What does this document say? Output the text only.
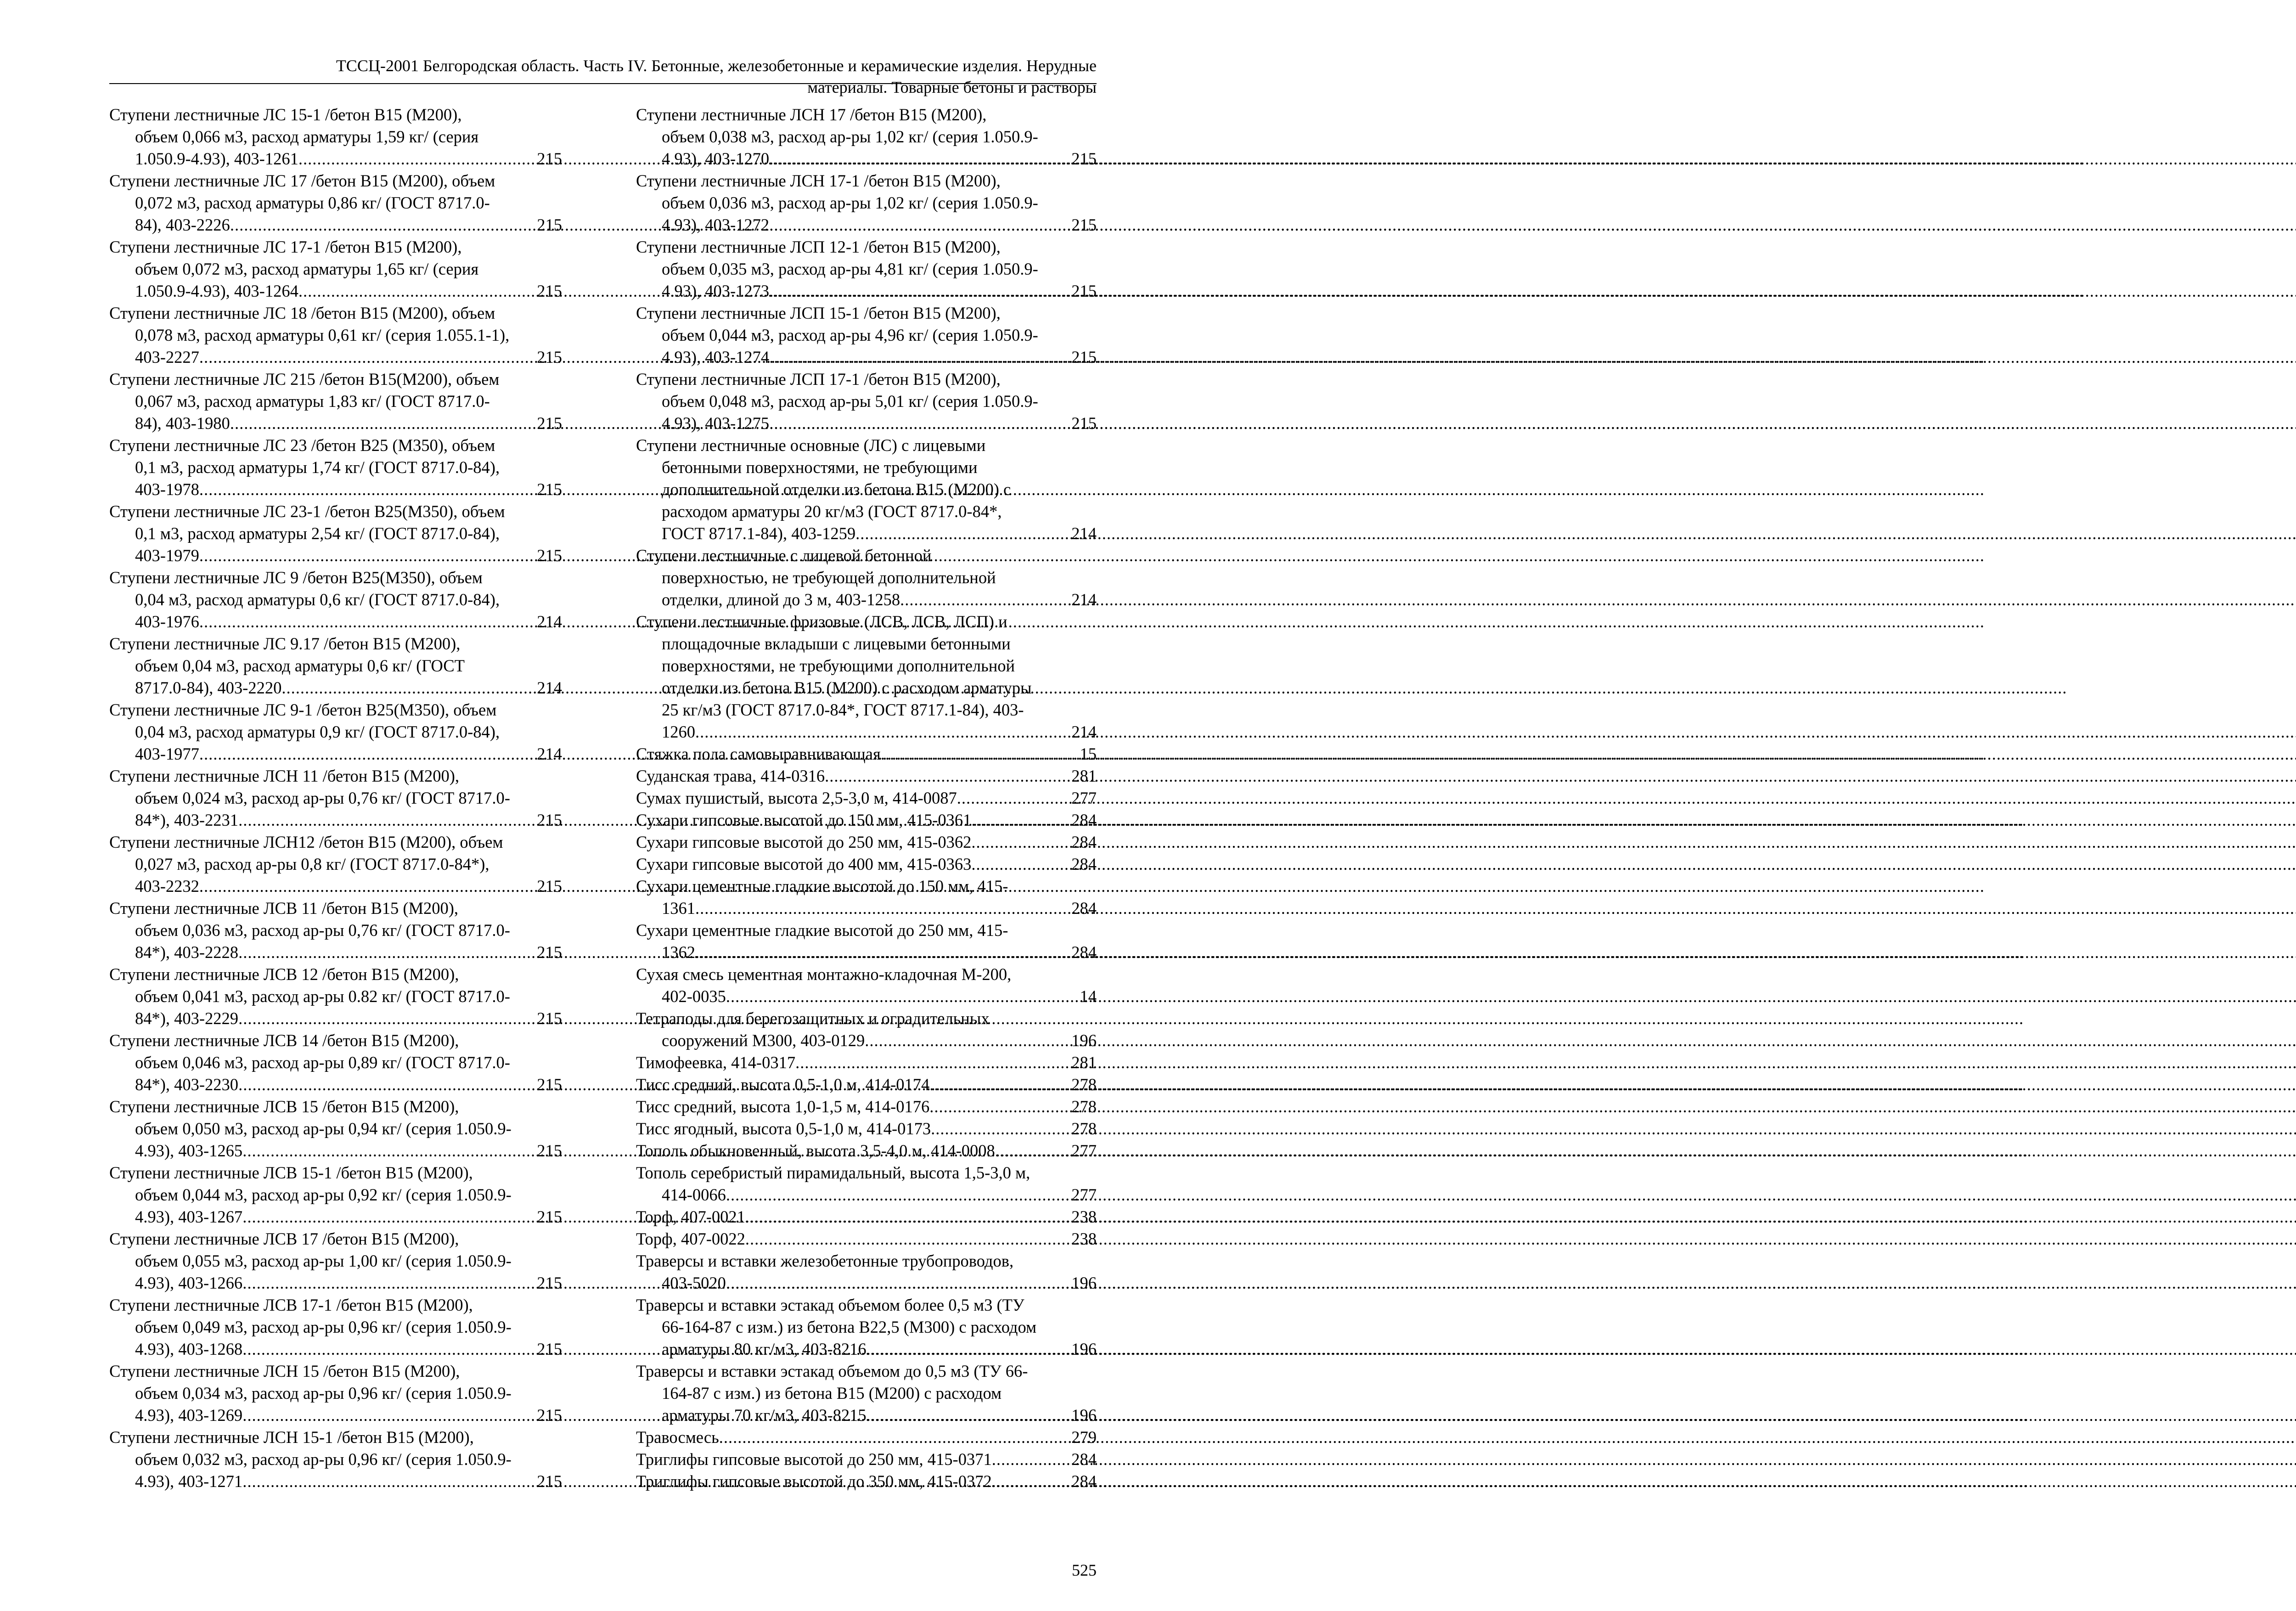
ТССЦ-2001 Белгородская область. Часть IV. Бетонные, железобетонные и керамические изделия. Нерудные
материалы. Товарные бетоны и растворы
Ступени лестничные ЛС 15-1 /бетон В15 (М200),
объем 0,066 м3, расход арматуры 1,59 кг/ (серия
1.050.9-4.93), 403-1261 .....	215
Ступени лестничные ЛС 17 /бетон В15 (М200), объем
0,072 м3, расход арматуры 0,86 кг/ (ГОСТ 8717.0-
84), 403-2226 .....	215
Ступени лестничные ЛС 17-1 /бетон В15 (М200),
объем 0,072 м3, расход арматуры 1,65 кг/ (серия
1.050.9-4.93), 403-1264 .....	215
Ступени лестничные ЛС 18 /бетон В15 (М200), объем
0,078 м3, расход арматуры 0,61 кг/ (серия 1.055.1-1),
403-2227 .....	215
Ступени лестничные ЛС 215 /бетон В15(М200), объем
0,067 м3, расход арматуры 1,83 кг/ (ГОСТ 8717.0-
84), 403-1980 .....	215
Ступени лестничные ЛС 23 /бетон В25 (М350), объем
0,1 м3, расход арматуры 1,74 кг/ (ГОСТ 8717.0-84),
403-1978 .....	215
Ступени лестничные ЛС 23-1 /бетон В25(М350), объем
0,1 м3, расход арматуры 2,54 кг/ (ГОСТ 8717.0-84),
403-1979 .....	215
Ступени лестничные ЛС 9 /бетон В25(М350), объем
0,04 м3, расход арматуры 0,6 кг/ (ГОСТ 8717.0-84),
403-1976 .....	214
Ступени лестничные ЛС 9.17 /бетон В15 (М200),
объем 0,04 м3, расход арматуры 0,6 кг/ (ГОСТ
8717.0-84), 403-2220 .....	214
Ступени лестничные ЛС 9-1 /бетон В25(М350), объем
0,04 м3, расход арматуры 0,9 кг/ (ГОСТ 8717.0-84),
403-1977 .....	214
Ступени лестничные ЛСН 11 /бетон В15 (М200),
объем 0,024 м3, расход ар-ры 0,76 кг/ (ГОСТ 8717.0-
84*), 403-2231 .....	215
Ступени лестничные ЛСН12 /бетон В15 (М200), объем
0,027 м3, расход ар-ры 0,8 кг/ (ГОСТ 8717.0-84*),
403-2232 .....	215
Ступени лестничные ЛСВ 11 /бетон В15 (М200),
объем 0,036 м3, расход ар-ры 0,76 кг/ (ГОСТ 8717.0-
84*), 403-2228 .....	215
Ступени лестничные ЛСВ 12 /бетон В15 (М200),
объем 0,041 м3, расход ар-ры 0.82 кг/ (ГОСТ 8717.0-
84*), 403-2229 .....	215
Ступени лестничные ЛСВ 14 /бетон В15 (М200),
объем 0,046 м3, расход ар-ры 0,89 кг/ (ГОСТ 8717.0-
84*), 403-2230 .....	215
Ступени лестничные ЛСВ 15 /бетон В15 (М200),
объем 0,050 м3, расход ар-ры 0,94 кг/ (серия 1.050.9-
4.93), 403-1265 .....	215
Ступени лестничные ЛСВ 15-1 /бетон В15 (М200),
объем 0,044 м3, расход ар-ры 0,92 кг/ (серия 1.050.9-
4.93), 403-1267 .....	215
Ступени лестничные ЛСВ 17 /бетон В15 (М200),
объем 0,055 м3, расход ар-ры 1,00 кг/ (серия 1.050.9-
4.93), 403-1266 .....	215
Ступени лестничные ЛСВ 17-1 /бетон В15 (М200),
объем 0,049 м3, расход ар-ры 0,96 кг/ (серия 1.050.9-
4.93), 403-1268 .....	215
Ступени лестничные ЛСН 15 /бетон В15 (М200),
объем 0,034 м3, расход ар-ры 0,96 кг/ (серия 1.050.9-
4.93), 403-1269 .....	215
Ступени лестничные ЛСН 15-1 /бетон В15 (М200),
объем 0,032 м3, расход ар-ры 0,96 кг/ (серия 1.050.9-
4.93), 403-1271 .....	215
Ступени лестничные ЛСН 17 /бетон В15 (М200),
объем 0,038 м3, расход ар-ры 1,02 кг/ (серия 1.050.9-
4.93), 403-1270 .....	215
Ступени лестничные ЛСН 17-1 /бетон В15 (М200),
объем 0,036 м3, расход ар-ры 1,02 кг/ (серия 1.050.9-
4.93), 403-1272 .....	215
Ступени лестничные ЛСП 12-1 /бетон В15 (М200),
объем 0,035 м3, расход ар-ры 4,81 кг/ (серия 1.050.9-
4.93), 403-1273 .....	215
Ступени лестничные ЛСП 15-1 /бетон В15 (М200),
объем 0,044 м3, расход ар-ры 4,96 кг/ (серия 1.050.9-
4.93), 403-1274 .....	215
Ступени лестничные ЛСП 17-1 /бетон В15 (М200),
объем 0,048 м3, расход ар-ры 5,01 кг/ (серия 1.050.9-
4.93), 403-1275 .....	215
Ступени лестничные основные (ЛС) с лицевыми
бетонными поверхностями, не требующими
дополнительной отделки из бетона В15 (М200) с
расходом арматуры 20 кг/м3 (ГОСТ 8717.0-84*,
ГОСТ 8717.1-84), 403-1259 .....	214
Ступени лестничные с лицевой бетонной
поверхностью, не требующей дополнительной
отделки, длиной до 3 м, 403-1258 .....	214
Ступени лестничные фризовые (ЛСВ, ЛСВ, ЛСП) и
площадочные вкладыши с лицевыми бетонными
поверхностями, не требующими дополнительной
отделки из бетона В15 (М200) с расходом арматуры
25 кг/м3 (ГОСТ 8717.0-84*, ГОСТ 8717.1-84), 403-
1260 .....	214
Стяжка пола самовыравнивающая .....	15
Суданская трава, 414-0316 .....	281
Сумах пушистый, высота 2,5-3,0 м, 414-0087 .....	277
Сухари гипсовые высотой до 150 мм, 415-0361 .....	284
Сухари гипсовые высотой до 250 мм, 415-0362 .....	284
Сухари гипсовые высотой до 400 мм, 415-0363 .....	284
Сухари цементные гладкие высотой до 150 мм, 415-
1361 .....	284
Сухари цементные гладкие высотой до 250 мм, 415-
1362 .....	284
Сухая смесь цементная монтажно-кладочная М-200,
402-0035 .....	14
Тетраподы для берегозащитных и оградительных
сооружений М300, 403-0129 .....	196
Тимофеевка, 414-0317 .....	281
Тисс средний, высота 0,5-1,0 м, 414-0174 .....	278
Тисс средний, высота 1,0-1,5 м, 414-0176 .....	278
Тисс ягодный, высота 0,5-1,0 м, 414-0173 .....	278
Тополь обыкновенный, высота 3,5-4,0 м, 414-0008 .....	277
Тополь серебристый пирамидальный, высота 1,5-3,0 м,
414-0066 .....	277
Торф, 407-0021 .....	238
Торф, 407-0022 .....	238
Траверсы и вставки железобетонные трубопроводов,
403-5020 .....	196
Траверсы и вставки эстакад объемом более 0,5 м3 (ТУ
66-164-87 с изм.) из бетона В22,5 (М300) с расходом
арматуры 80 кг/м3, 403-8216 .....	196
Траверсы и вставки эстакад объемом до 0,5 м3 (ТУ 66-
164-87 с изм.) из бетона В15 (М200) с расходом
арматуры 70 кг/м3, 403-8215 .....	196
Травосмесь .....	279
Триглифы гипсовые высотой до 250 мм, 415-0371 .....	284
Триглифы гипсовые высотой до 350 мм, 415-0372 .....	284
525
